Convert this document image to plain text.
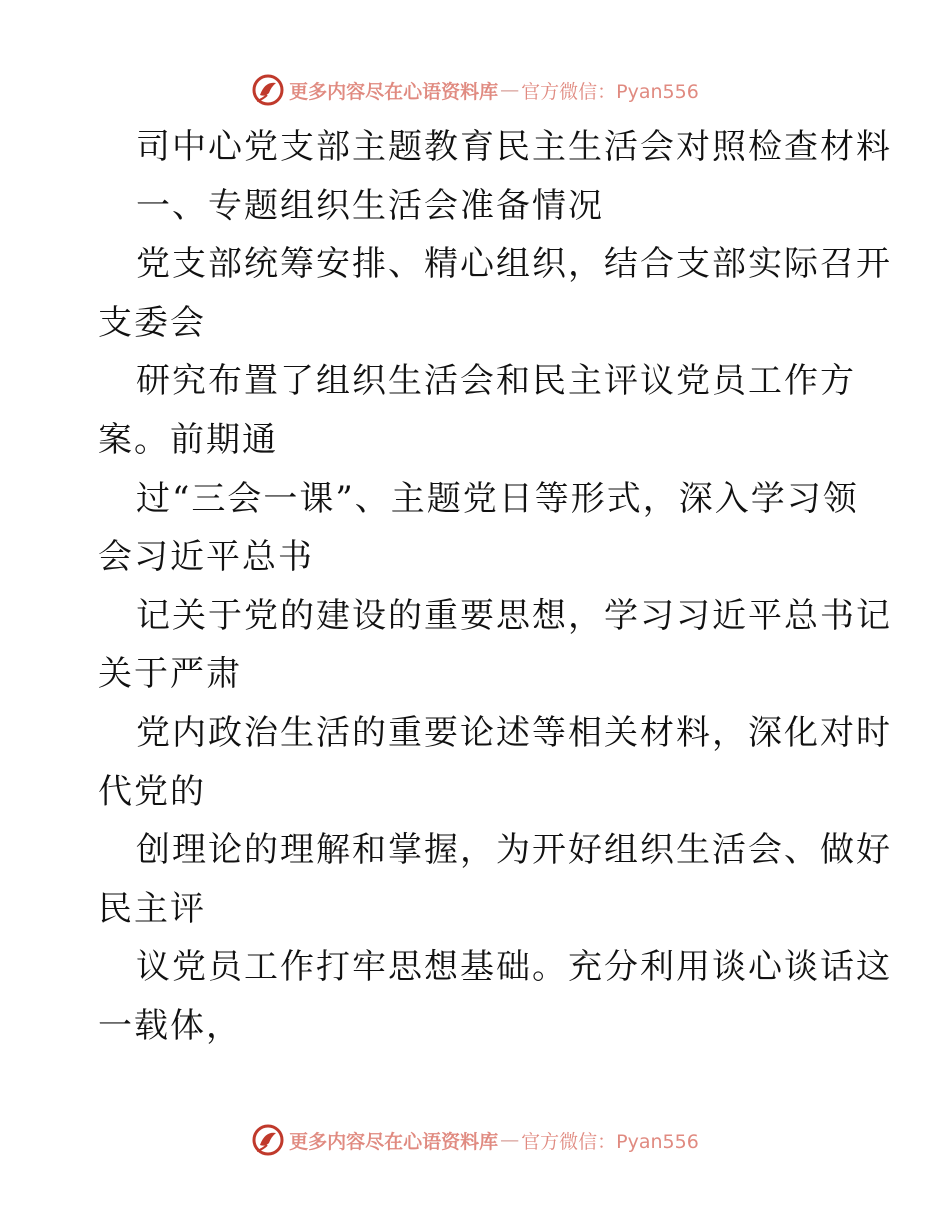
更多内容尽在心语资料库 — 官方微信：Pyan556
司中心党支部主题教育民主生活会对照检查材料
一、专题组织生活会准备情况
党支部统筹安排、精心组织，结合支部实际召开
支委会
研究布置了组织生活会和民主评议党员工作方
案。前期通
过“三会一课”、主题党日等形式，深入学习领
会习近平总书
记关于党的建设的重要思想，学习习近平总书记
关于严肃
党内政治生活的重要论述等相关材料，深化对时
代党的
创理论的理解和掌握，为开好组织生活会、做好
民主评
议党员工作打牢思想基础。充分利用谈心谈话这
一载体，
更多内容尽在心语资料库 — 官方微信：Pyan556
